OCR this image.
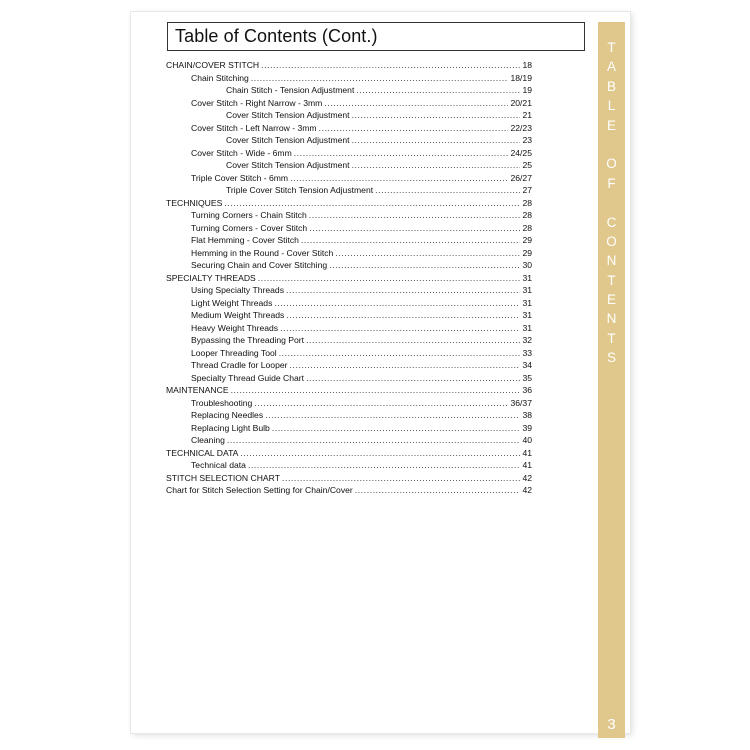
Table of Contents (Cont.)
CHAIN/COVER STITCH .....	18
Chain Stitching .....	18/19
Chain Stitch - Tension Adjustment .....	19
Cover Stitch - Right Narrow - 3mm .....	20/21
Cover Stitch Tension Adjustment .....	21
Cover Stitch - Left Narrow - 3mm .....	22/23
Cover Stitch Tension Adjustment .....	23
Cover Stitch - Wide - 6mm .....	24/25
Cover Stitch Tension Adjustment .....	25
Triple Cover Stitch - 6mm .....	26/27
Triple Cover Stitch Tension Adjustment .....	27
TECHNIQUES .....	28
Turning Corners - Chain Stitch .....	28
Turning Corners - Cover Stitch .....	28
Flat Hemming - Cover Stitch .....	29
Hemming in the Round - Cover Stitch .....	29
Securing Chain and Cover Stitching .....	30
SPECIALTY THREADS .....	31
Using Specialty Threads .....	31
Light Weight Threads .....	31
Medium Weight Threads .....	31
Heavy Weight Threads .....	31
Bypassing the Threading Port .....	32
Looper Threading Tool .....	33
Thread Cradle for Looper .....	34
Specialty Thread Guide Chart .....	35
MAINTENANCE .....	36
Troubleshooting .....	36/37
Replacing Needles .....	38
Replacing Light Bulb .....	39
Cleaning .....	40
TECHNICAL DATA .....	41
Technical data .....	41
STITCH SELECTION CHART .....	42
Chart for Stitch Selection Setting for Chain/Cover .....	42
T
A
B
L
E
O
F
C
O
N
T
E
N
T
S
3
